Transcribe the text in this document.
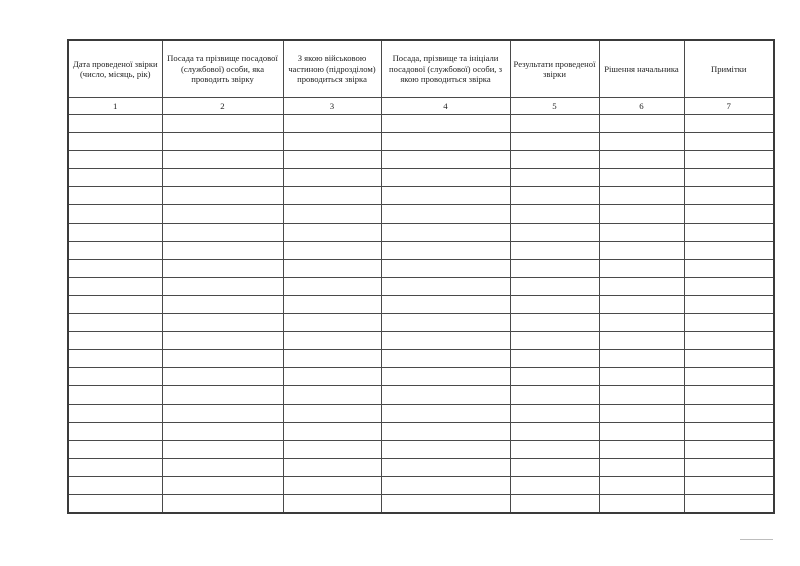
Дата проведеної звірки (число, місяць, рік)	Посада та прізвище посадової (службової) особи, яка проводить звірку	З якою військовою частиною (підрозділом) проводиться звірка	Посада, прізвище та ініціали посадової (службової) особи, з якою проводиться звірка	Результати проведеної звірки	Рішення начальника	Примітки
1	2	3	4	5	6	7
